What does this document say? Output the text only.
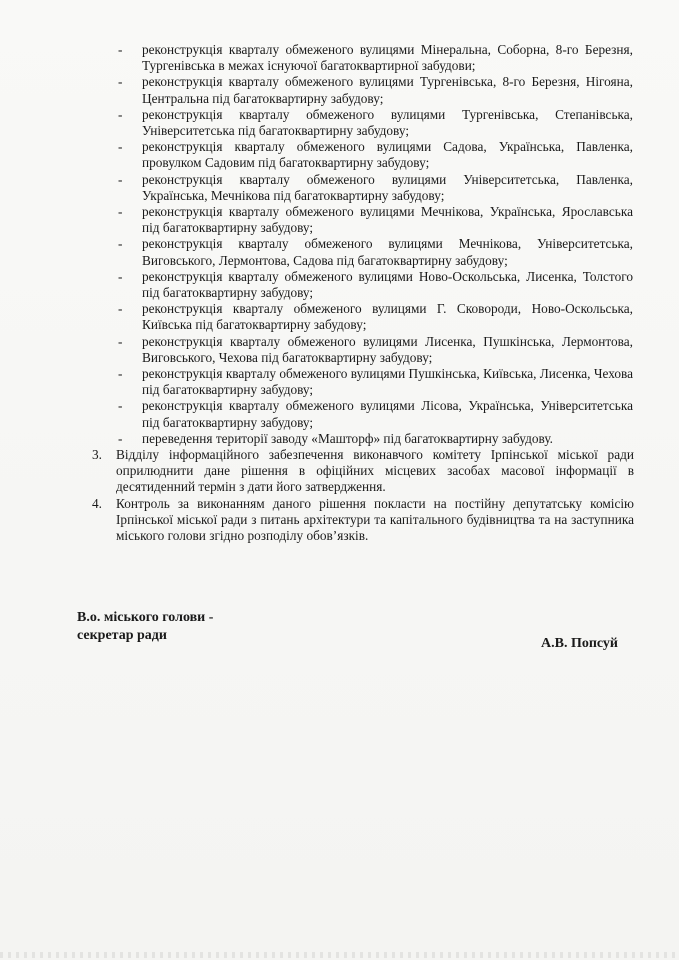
- реконструкція кварталу обмеженого вулицями Мінеральна, Соборна, 8-го Березня, Тургенівська в межах існуючої багатоквартирної забудови;
- реконструкція кварталу обмеженого вулицями Тургенівська, 8-го Березня, Нігояна, Центральна під багатоквартирну забудову;
- реконструкція кварталу обмеженого вулицями Тургенівська, Степанівська, Університетська під багатоквартирну забудову;
- реконструкція кварталу обмеженого вулицями Садова, Українська, Павленка, провулком Садовим під багатоквартирну забудову;
- реконструкція кварталу обмеженого вулицями Університетська, Павленка, Українська, Мечнікова під багатоквартирну забудову;
- реконструкція кварталу обмеженого вулицями Мечнікова, Українська, Ярославська під багатоквартирну забудову;
- реконструкція кварталу обмеженого вулицями Мечнікова, Університетська, Виговського, Лермонтова, Садова під багатоквартирну забудову;
- реконструкція кварталу обмеженого вулицями Ново-Оскольська, Лисенка, Толстого під багатоквартирну забудову;
- реконструкція кварталу обмеженого вулицями Г. Сковороди, Ново-Оскольська, Київська під багатоквартирну забудову;
- реконструкція кварталу обмеженого вулицями Лисенка, Пушкінська, Лермонтова, Виговського, Чехова під багатоквартирну забудову;
- реконструкція кварталу обмеженого вулицями Пушкінська, Київська, Лисенка, Чехова під багатоквартирну забудову;
- реконструкція кварталу обмеженого вулицями Лісова, Українська, Університетська під багатоквартирну забудову;
- переведення території заводу «Машторф» під багатоквартирну забудову.
3.	Відділу інформаційного забезпечення виконавчого комітету Ірпінської міської ради оприлюднити дане рішення в офіційних місцевих засобах масової інформації в десятиденний термін з дати його затвердження.
4.	Контроль за виконанням даного рішення покласти на постійну депутатську комісію Ірпінської міської ради з питань архітектури та капітального будівництва та на заступника міського голови згідно розподілу обов’язків.
В.о. міського голови -
секретар ради
А.В. Попсуй
